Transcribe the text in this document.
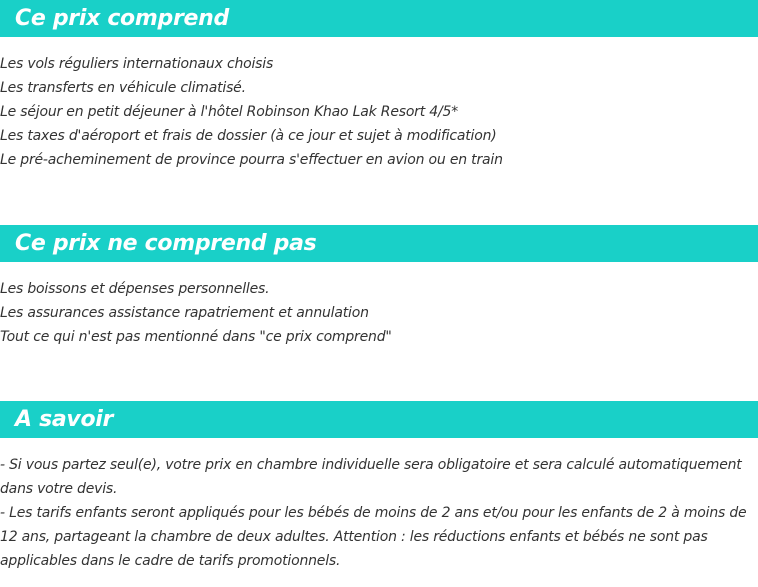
Ce prix comprend
Les vols réguliers internationaux choisis
Les transferts en véhicule climatisé.
Le séjour en petit déjeuner à l'hôtel Robinson Khao Lak Resort 4/5*
Les taxes d'aéroport et frais de dossier (à ce jour et sujet à modification)
Le pré-acheminement de province pourra s'effectuer en avion ou en train
Ce prix ne comprend pas
Les boissons et dépenses personnelles.
Les assurances assistance rapatriement et annulation
Tout ce qui n'est pas mentionné dans "ce prix comprend"
A savoir
- Si vous partez seul(e), votre prix en chambre individuelle sera obligatoire et sera calculé automatiquement dans votre devis.
- Les tarifs enfants seront appliqués pour les bébés de moins de 2 ans et/ou pour les enfants de 2 à moins de 12 ans, partageant la chambre de deux adultes. Attention : les réductions enfants et bébés ne sont pas applicables dans le cadre de tarifs promotionnels.
